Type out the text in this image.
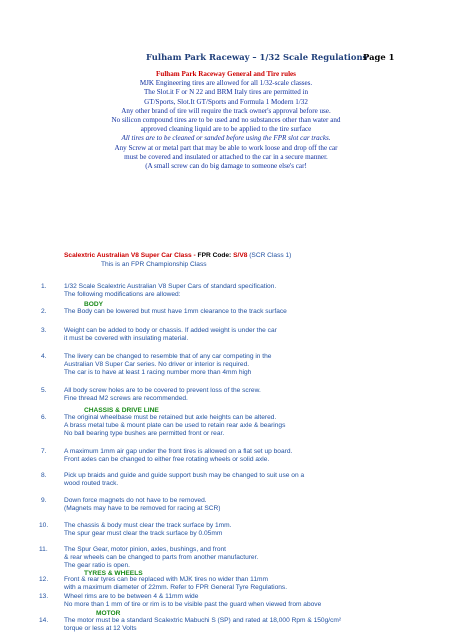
Fulham Park Raceway – 1/32 Scale Regulations
Page 1
Fulham Park Raceway General and Tire rules
MJK Engineering tires are allowed for all 1/32-scale classes.
The Slot.it F or N 22 and BRM Italy tires are permitted in
GT/Sports, Slot.It GT/Sports and Formula 1 Modern 1/32
Any other brand of tire will require the track owner's approval before use.
No silicon compound tires are to be used and no substances other than water and
approved cleaning liquid are to be applied to the tire surface
All tires are to be cleaned or sanded before using the FPR slot car tracks.
Any Screw at or metal part that may be able to work loose and drop off the car
must be covered and insulated or attached to the car in a secure manner.
(A small screw can do big damage to someone else's car!
Scalextric Australian V8 Super Car Class - FPR Code: S/V8 (SCR Class 1)
This is an FPR Championship Class
1.	1/32 Scale Scalextric Australian V8 Super Cars of standard specification.
The following modifications are allowed:
BODY
2.	The Body can be lowered but must have 1mm clearance to the track surface
3.	Weight can be added to body or chassis. If added weight is under the car
it must be covered with insulating material.
4.	The livery can be changed to resemble that of any car competing in the
Australian V8 Super Car series. No driver or interior is required.
The car is to have at least 1 racing number more than 4mm high
5.	All body screw holes are to be covered to prevent loss of the screw.
Fine thread M2 screws are recommended.
CHASSIS & DRIVE LINE
6.	The original wheelbase must be retained but axle heights can be altered.
A brass metal tube & mount plate can be used to retain rear axle & bearings
No ball bearing type bushes are permitted front or rear.
7.	A maximum 1mm air gap under the front tires is allowed on a flat set up board.
Front axles can be changed to either free rotating wheels or solid axle.
8.	Pick up braids and guide and guide support bush may be changed to suit use on a
wood routed track.
9.	Down force magnets do not have to be removed.
(Magnets may have to be removed for racing at SCR)
10. The chassis & body must clear the track surface by 1mm.
The spur gear must clear the track surface by 0.05mm
11. The Spur Gear, motor pinion, axles, bushings, and front
& rear wheels can be changed to parts from another manufacturer.
The gear ratio is open.
TYRES & WHEELS
12. Front & rear tyres can be replaced with MJK tires no wider than 11mm
with a maximum diameter of 22mm. Refer to FPR General Tyre Regulations.
13. Wheel rims are to be between 4 & 11mm wide
No more than 1 mm of tire or rim is to be visible past the guard when viewed from above
MOTOR
14. The motor must be a standard Scalextric Mabuchi S (SP) and rated at 18,000 Rpm & 150g/cm²
torque or less at 12 Volts
